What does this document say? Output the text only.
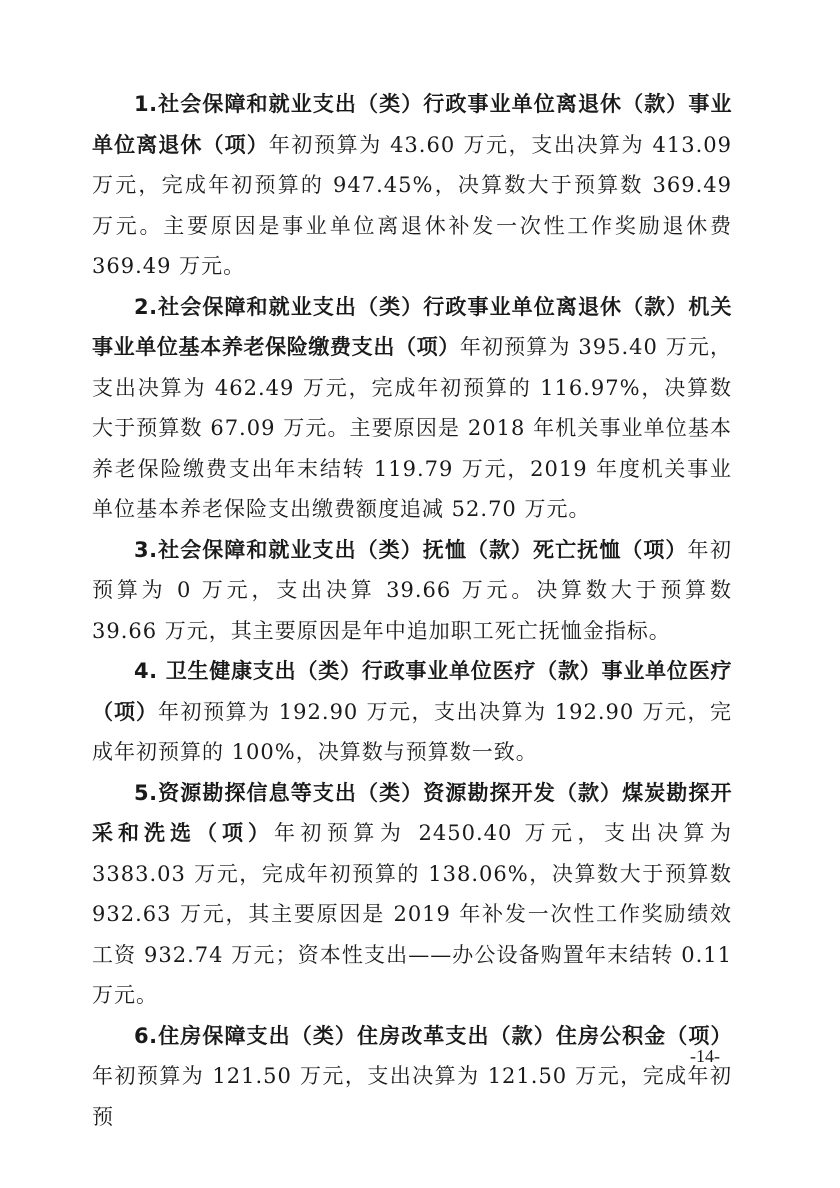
1.社会保障和就业支出（类）行政事业单位离退休（款）事业单位离退休（项）年初预算为 43.60 万元，支出决算为 413.09 万元，完成年初预算的 947.45%，决算数大于预算数 369.49 万元。主要原因是事业单位离退休补发一次性工作奖励退休费 369.49 万元。

2.社会保障和就业支出（类）行政事业单位离退休（款）机关事业单位基本养老保险缴费支出（项）年初预算为 395.40 万元，支出决算为 462.49 万元，完成年初预算的 116.97%，决算数大于预算数 67.09 万元。主要原因是 2018 年机关事业单位基本养老保险缴费支出年末结转 119.79 万元，2019 年度机关事业单位基本养老保险支出缴费额度追减 52.70 万元。

3.社会保障和就业支出（类）抚恤（款）死亡抚恤（项）年初预算为 0 万元，支出决算 39.66 万元。决算数大于预算数 39.66 万元，其主要原因是年中追加职工死亡抚恤金指标。

4. 卫生健康支出（类）行政事业单位医疗（款）事业单位医疗（项）年初预算为 192.90 万元，支出决算为 192.90 万元，完成年初预算的 100%，决算数与预算数一致。

5.资源勘探信息等支出（类）资源勘探开发（款）煤炭勘探开采和洗选（项）年初预算为 2450.40 万元，支出决算为 3383.03 万元，完成年初预算的 138.06%，决算数大于预算数 932.63 万元，其主要原因是 2019 年补发一次性工作奖励绩效工资 932.74 万元；资本性支出——办公设备购置年末结转 0.11 万元。

6.住房保障支出（类）住房改革支出（款）住房公积金（项）年初预算为 121.50 万元，支出决算为 121.50 万元，完成年初预

-14-
